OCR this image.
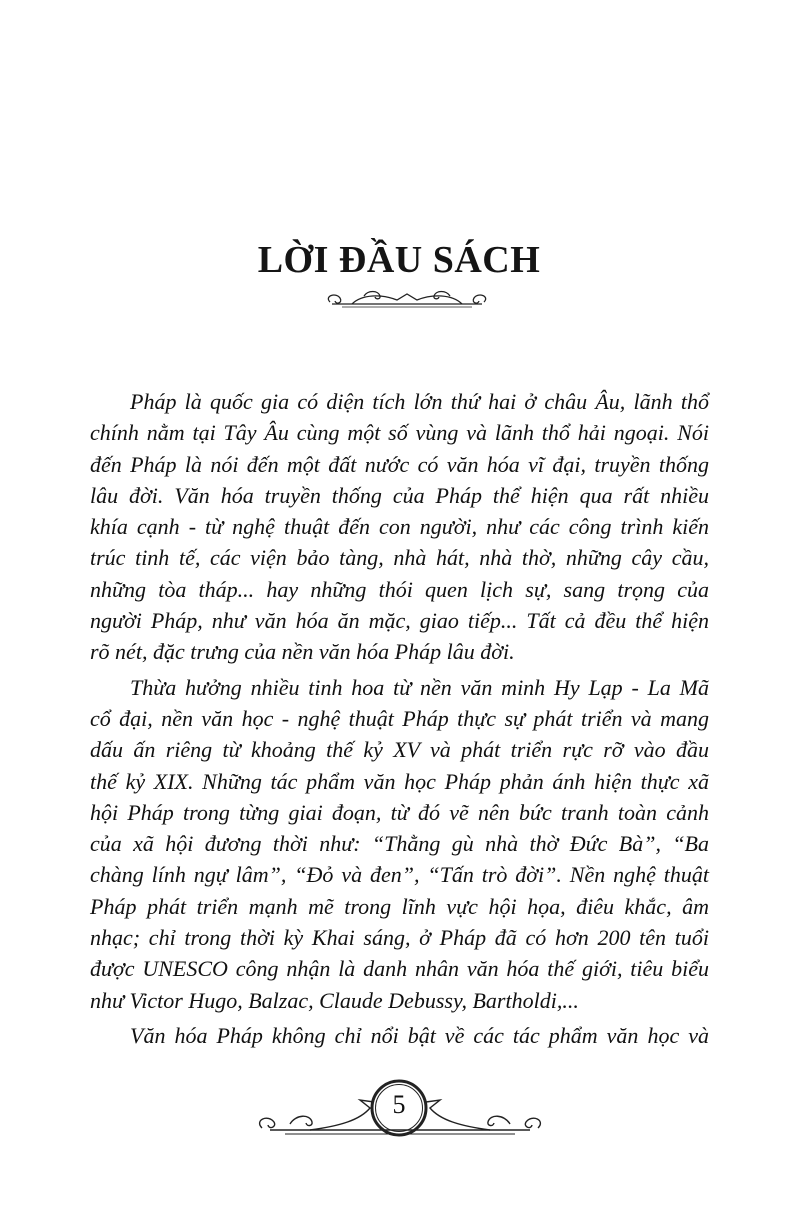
LỜI ĐẦU SÁCH
Pháp là quốc gia có diện tích lớn thứ hai ở châu Âu, lãnh thổ
chính nằm tại Tây Âu cùng một số vùng và lãnh thổ hải ngoại. Nói
đến Pháp là nói đến một đất nước có văn hóa vĩ đại, truyền thống
lâu đời. Văn hóa truyền thống của Pháp thể hiện qua rất nhiều
khía cạnh - từ nghệ thuật đến con người, như các công trình kiến
trúc tinh tế, các viện bảo tàng, nhà hát, nhà thờ, những cây cầu,
những tòa tháp... hay những thói quen lịch sự, sang trọng của
người Pháp, như văn hóa ăn mặc, giao tiếp... Tất cả đều thể hiện
rõ nét, đặc trưng của nền văn hóa Pháp lâu đời.
Thừa hưởng nhiều tinh hoa từ nền văn minh Hy Lạp - La Mã
cổ đại, nền văn học - nghệ thuật Pháp thực sự phát triển và mang
dấu ấn riêng từ khoảng thế kỷ XV và phát triển rực rỡ vào đầu
thế kỷ XIX. Những tác phẩm văn học Pháp phản ánh hiện thực xã
hội Pháp trong từng giai đoạn, từ đó vẽ nên bức tranh toàn cảnh
của xã hội đương thời như: “Thằng gù nhà thờ Đức Bà”, “Ba
chàng lính ngự lâm”, “Đỏ và đen”, “Tấn trò đời”. Nền nghệ thuật
Pháp phát triển mạnh mẽ trong lĩnh vực hội họa, điêu khắc, âm
nhạc; chỉ trong thời kỳ Khai sáng, ở Pháp đã có hơn 200 tên tuổi
được UNESCO công nhận là danh nhân văn hóa thế giới, tiêu biểu
như Victor Hugo, Balzac, Claude Debussy, Bartholdi,...
Văn hóa Pháp không chỉ nổi bật về các tác phẩm văn học và
5
